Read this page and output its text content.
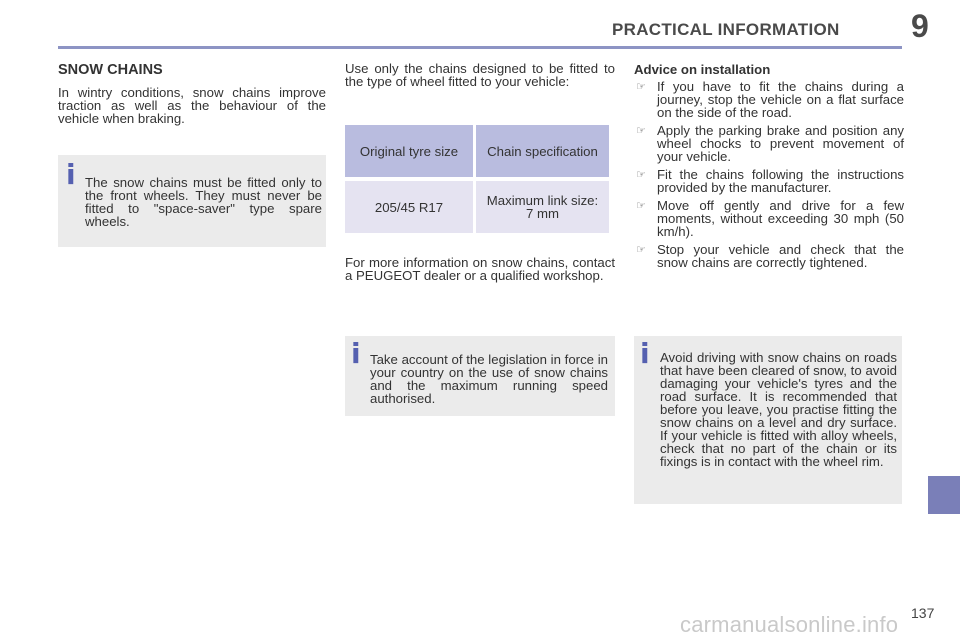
PRACTICAL INFORMATION 9
SNOW CHAINS
In wintry conditions, snow chains improve traction as well as the behaviour of the vehicle when braking.
i The snow chains must be fitted only to the front wheels. They must never be fitted to "space-saver" type spare wheels.
Use only the chains designed to be fitted to the type of wheel fitted to your vehicle:
Original tyre size	Chain specification

205/45 R17	Maximum link size: 7 mm
For more information on snow chains, contact a PEUGEOT dealer or a qualified workshop.
i Take account of the legislation in force in your country on the use of snow chains and the maximum running speed authorised.
Advice on installation
☞ If you have to fit the chains during a journey, stop the vehicle on a flat surface on the side of the road.
☞ Apply the parking brake and position any wheel chocks to prevent movement of your vehicle.
☞ Fit the chains following the instructions provided by the manufacturer.
☞ Move off gently and drive for a few moments, without exceeding 30 mph (50 km/h).
☞ Stop your vehicle and check that the snow chains are correctly tightened.
i Avoid driving with snow chains on roads that have been cleared of snow, to avoid damaging your vehicle's tyres and the road surface. It is recommended that before you leave, you practise fitting the snow chains on a level and dry surface. If your vehicle is fitted with alloy wheels, check that no part of the chain or its fixings is in contact with the wheel rim.
137
carmanualsonline.info
